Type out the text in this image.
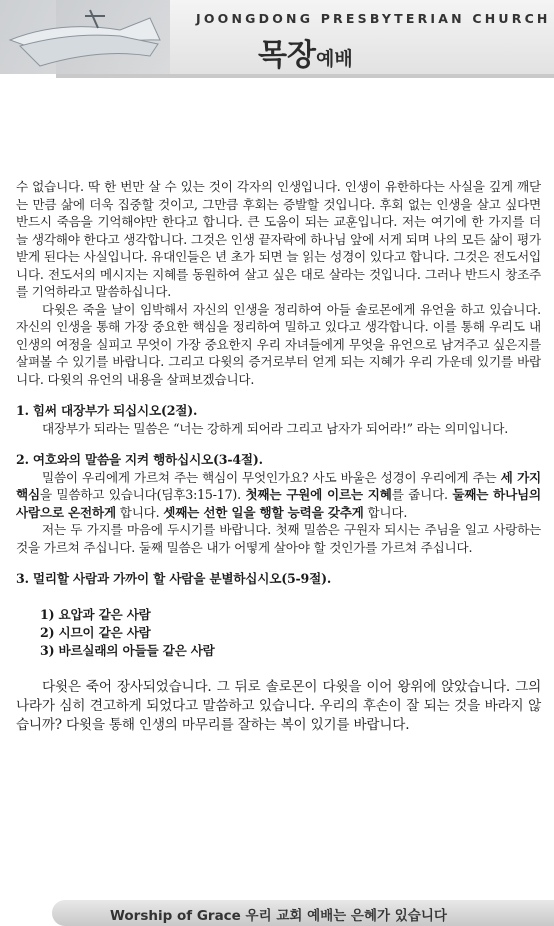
JOONGDONG PRESBYTERIAN CHURCH
목장예배

수 없습니다. 딱 한 번만 살 수 있는 것이 각자의 인생입니다. 인생이 유한하다는 사실을 깊게 깨닫는 만큼 삶에 더욱 집중할 것이고, 그만큼 후회는 증발할 것입니다. 후회 없는 인생을 살고 싶다면 반드시 죽음을 기억해야만 한다고 합니다. 큰 도움이 되는 교훈입니다. 저는 여기에 한 가지를 더 늘 생각해야 한다고 생각합니다. 그것은 인생 끝자락에 하나님 앞에 서게 되며 나의 모든 삶이 평가받게 된다는 사실입니다. 유대인들은 년 초가 되면 늘 읽는 성경이 있다고 합니다. 그것은 전도서입니다. 전도서의 메시지는 지혜를 동원하여 살고 싶은 대로 살라는 것입니다. 그러나 반드시 창조주를 기억하라고 말씀하십니다.

다윗은 죽을 날이 임박해서 자신의 인생을 정리하여 아들 솔로몬에게 유언을 하고 있습니다. 자신의 인생을 통해 가장 중요한 핵심을 정리하여 밀하고 있다고 생각합니다. 이를 통해 우리도 내 인생의 여정을 실피고 무엇이 가장 중요한지 우리 자녀들에게 무엇을 유언으로 남겨주고 싶은지를 살펴볼 수 있기를 바랍니다. 그리고 다윗의 증거로부터 얻게 되는 지혜가 우리 가운데 있기를 바랍니다. 다윗의 유언의 내용을 살펴보겠습니다.

1. 힘써 대장부가 되십시오(2절).

대장부가 되라는 밀씀은 “너는 강하게 되어라 그리고 남자가 되어라!” 라는 의미입니다.

2. 여호와의 말씀을 지켜 행하십시오(3-4절).

밀씀이 우리에게 가르쳐 주는 핵심이 무엇인가요? 사도 바울은 성경이 우리에게 주는 세 가지 핵심을 밀씀하고 있습니다(딤후3:15-17). 첫째는 구원에 이르는 지혜를 줍니다. 둘째는 하나님의 사람으로 온전하게 합니다. 셋째는 선한 일을 행할 능력을 갖추게 합니다.

저는 두 가지를 마음에 두시기를 바랍니다. 첫째 밀씀은 구원자 되시는 주님을 일고 사랑하는 것을 가르쳐 주십니다. 둘째 밀씀은 내가 어떻게 살아야 할 것인가를 가르쳐 주십니다.

3. 멀리할 사람과 가까이 할 사람을 분별하십시오(5-9절).

1) 요압과 같은 사람
2) 시므이 같은 사람
3) 바르실래의 아들들 같은 사람

다윗은 죽어 장사되었습니다. 그 뒤로 솔로몬이 다윗을 이어 왕위에 앉았습니다. 그의 나라가 심히 견고하게 되었다고 말씀하고 있습니다. 우리의 후손이 잘 되는 것을 바라지 않습니까? 다윗을 통해 인생의 마무리를 잘하는 복이 있기를 바랍니다.

Worship of Grace 우리 교회 예배는 은혜가 있습니다
